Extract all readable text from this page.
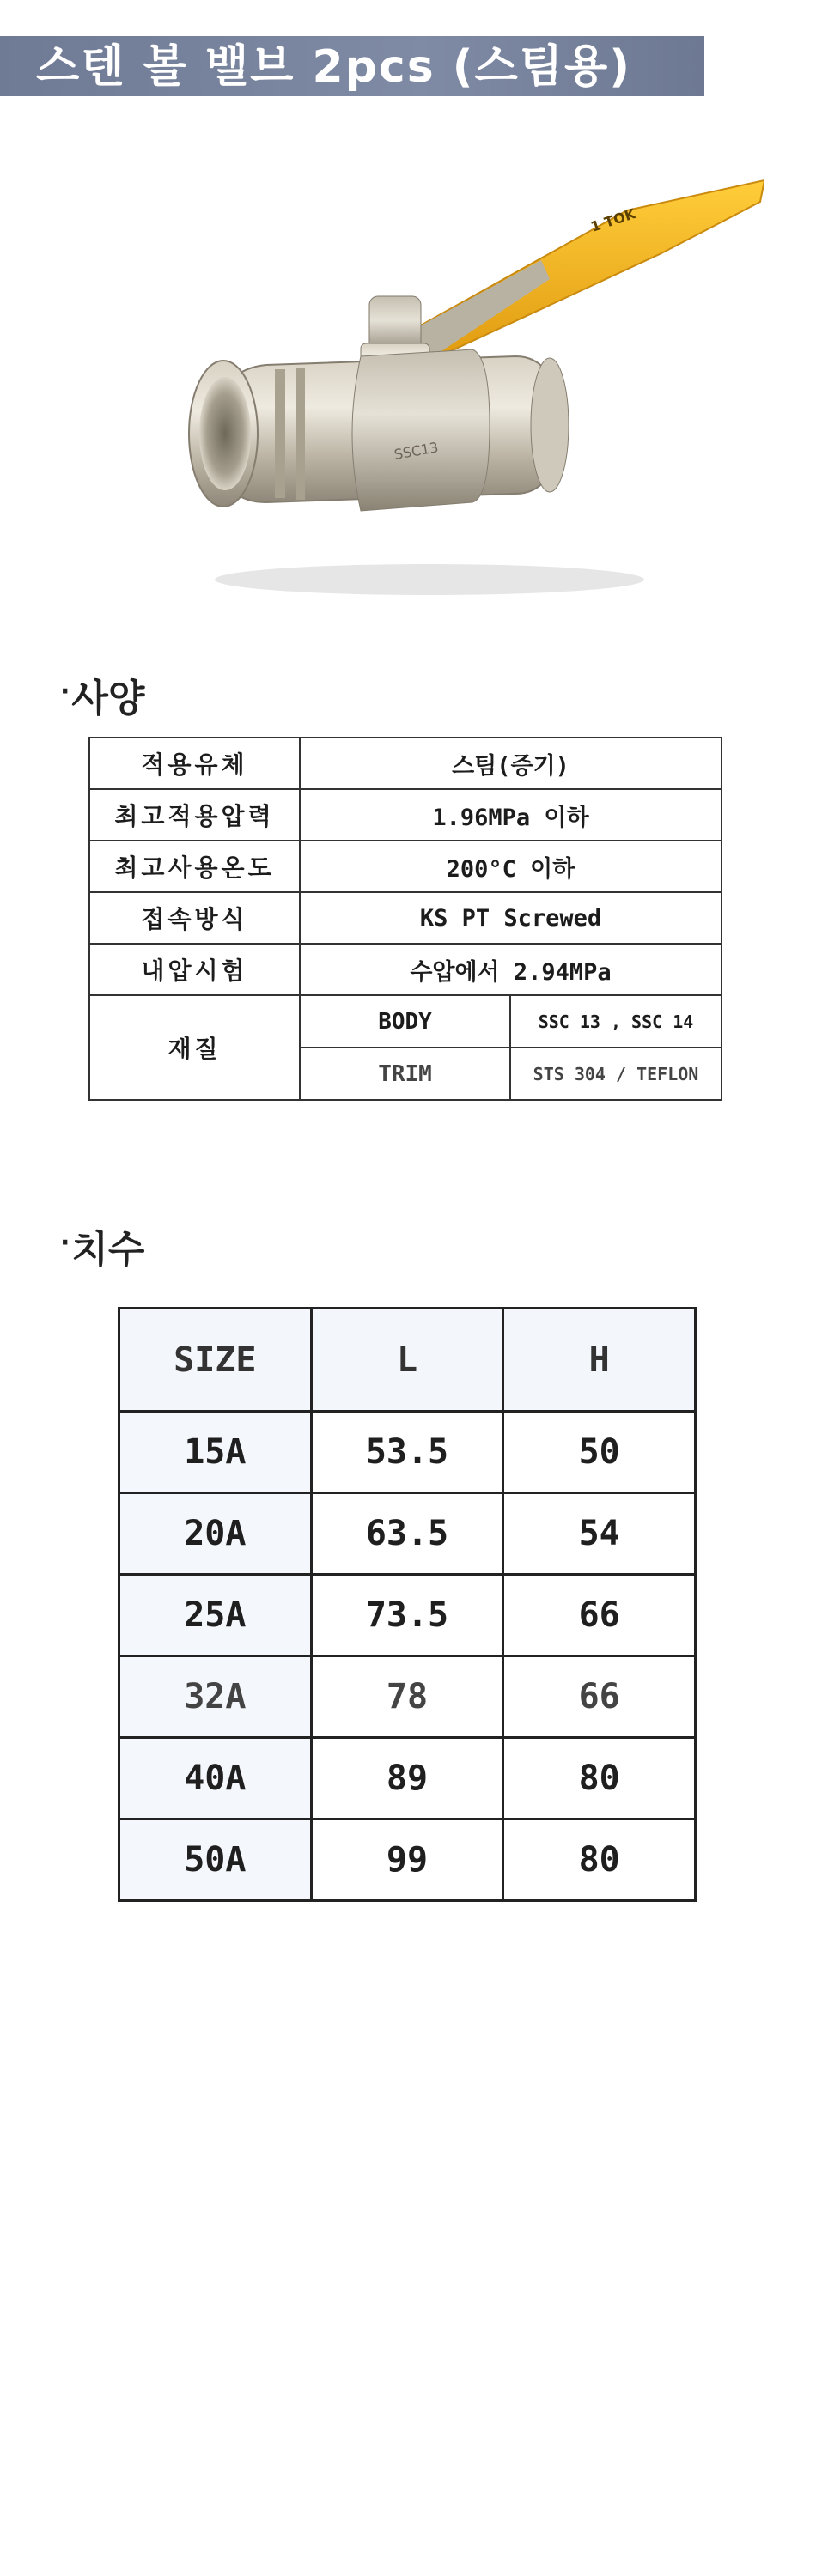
스텐 볼 밸브 2pcs (스팀용)
1 TOK
SSC13
·사양
적용유체	스팀(증기)	
최고적용압력	1.96MPa 이하	
최고사용온도	200°C 이하	
접속방식	KS PT Screwed	
내압시험	수압에서 2.94MPa	
재질	BODY	SSC 13 , SSC 14
	TRIM	STS 304 / TEFLON
·치수
SIZE	L	H
15A	53.5	50
20A	63.5	54
25A	73.5	66
32A	78	66
40A	89	80
50A	99	80
